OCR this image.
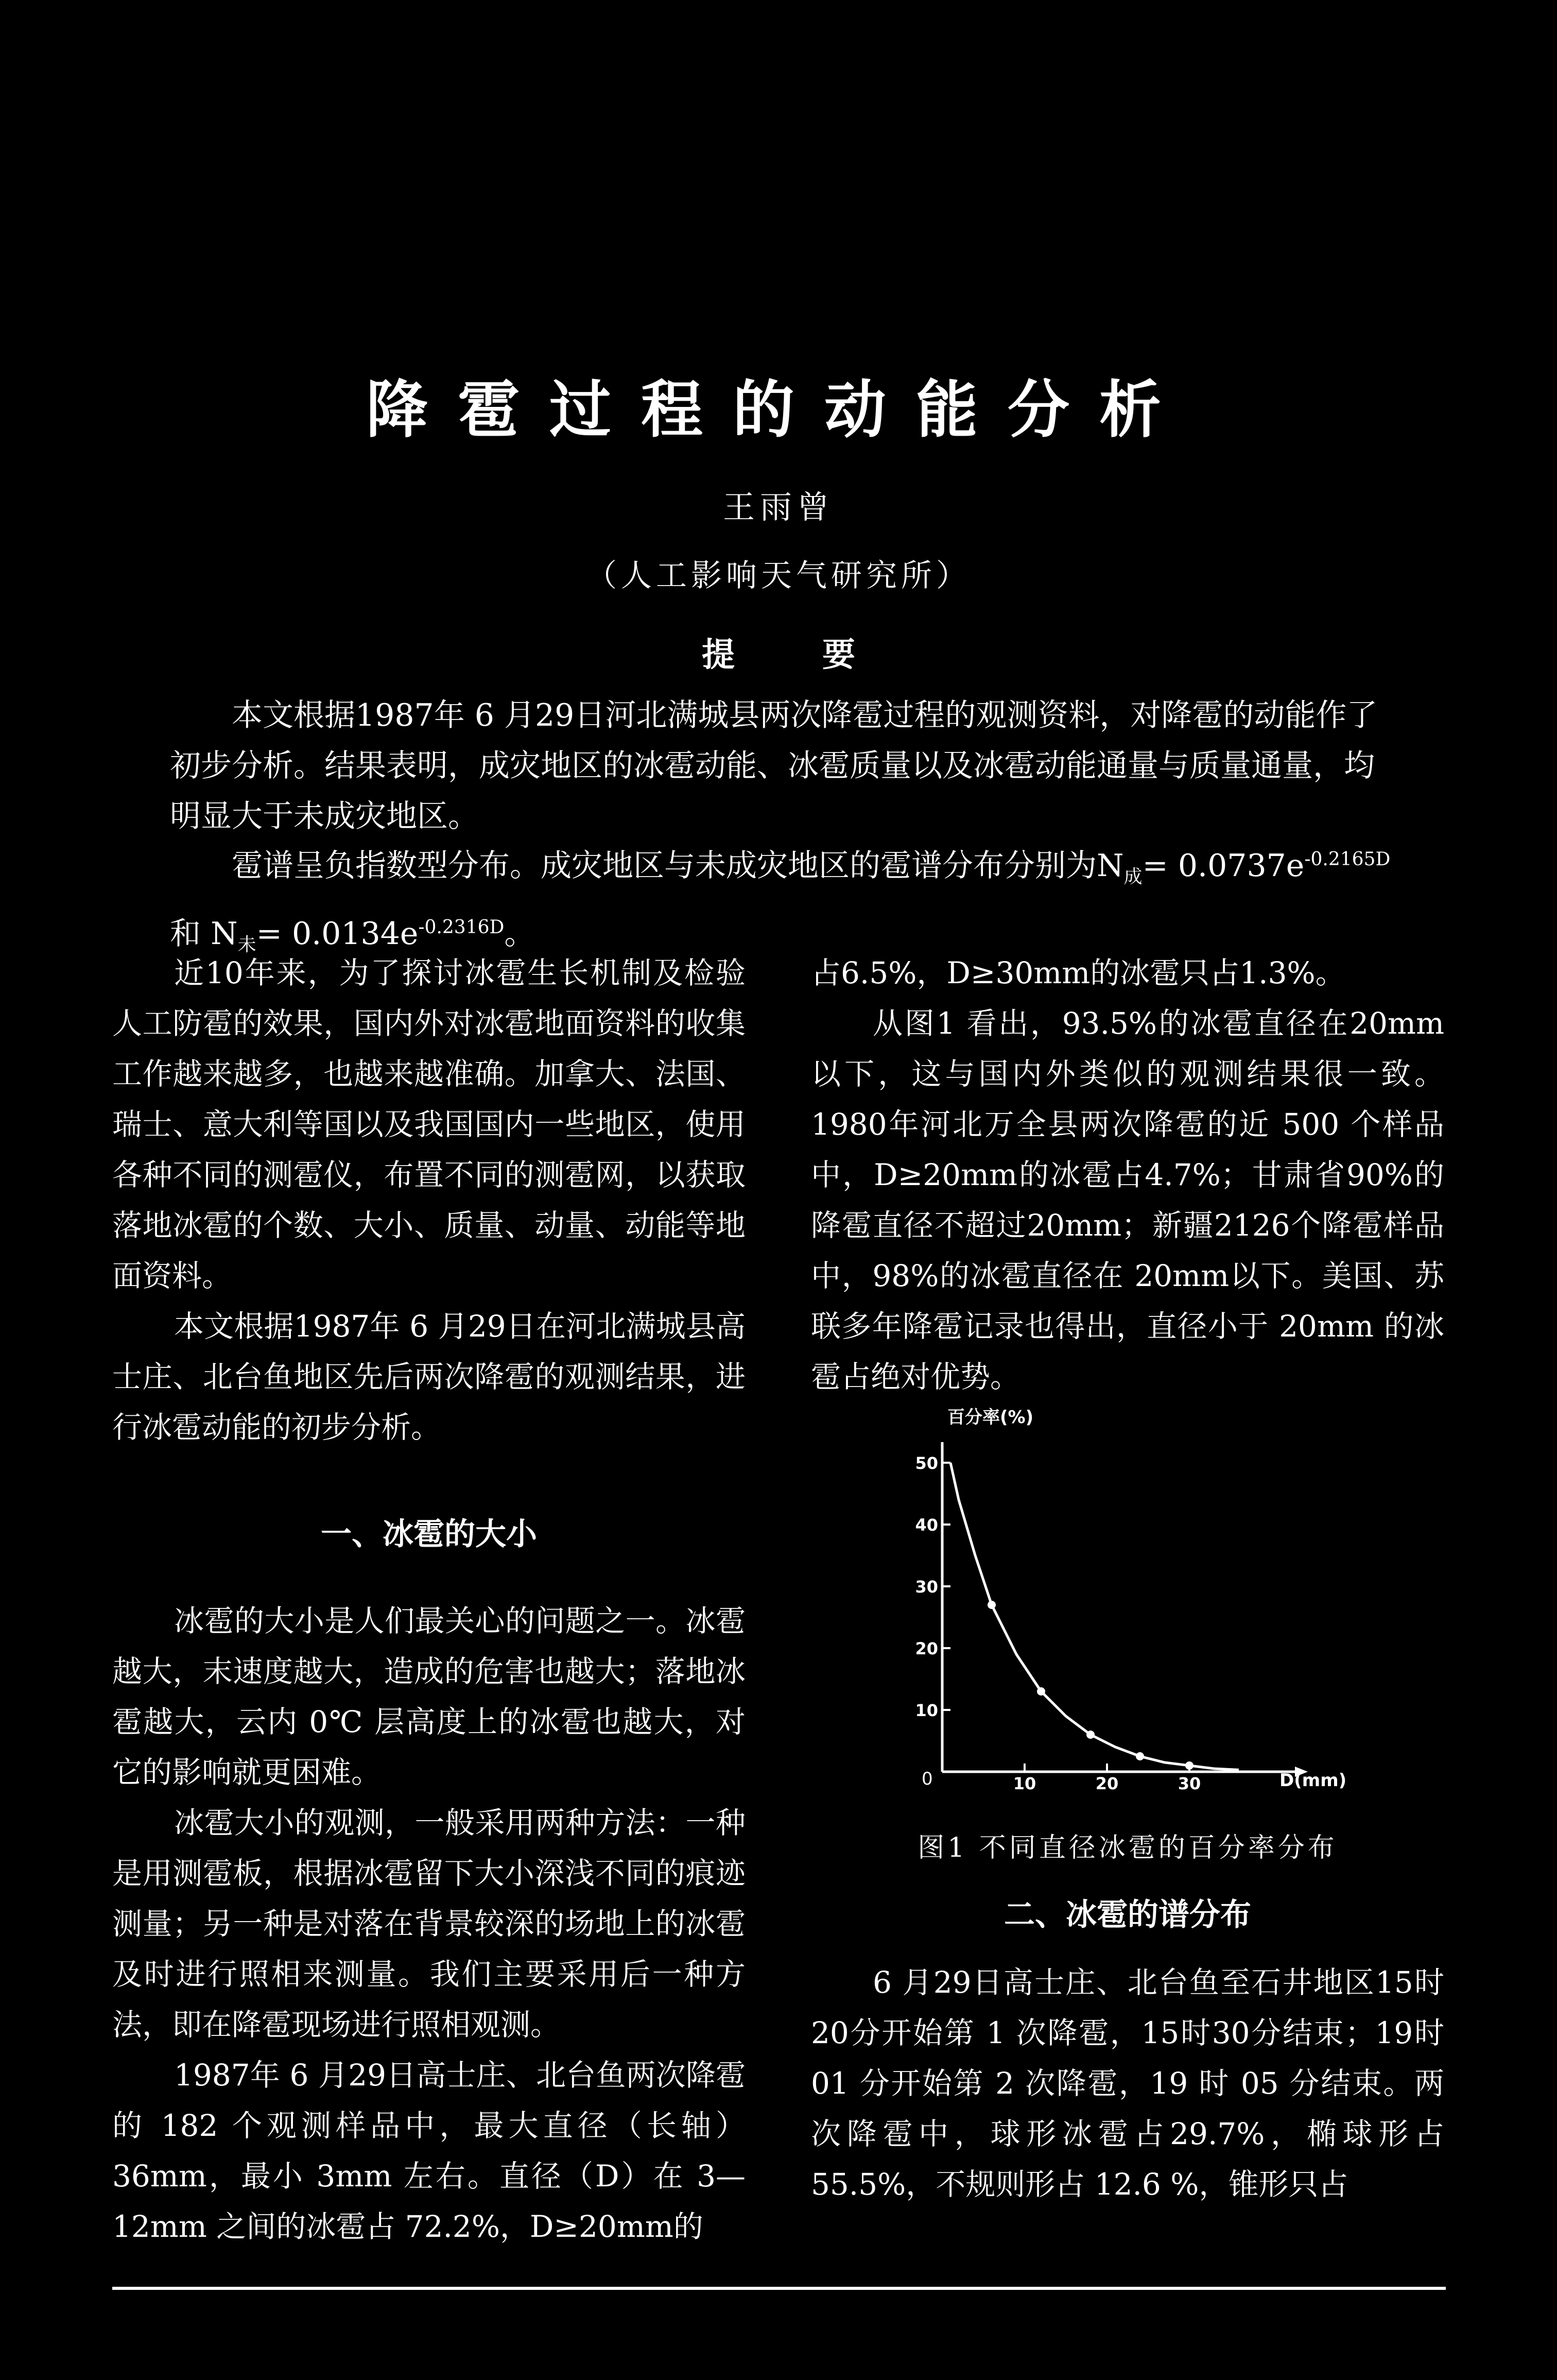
降雹过程的动能分析
王雨曾
（人工影响天气研究所）
提	要
本文根据1987年 6 月29日河北满城县两次降雹过程的观测资料，对降雹的动能作了初步分析。结果表明，成灾地区的冰雹动能、冰雹质量以及冰雹动能通量与质量通量，均明显大于未成灾地区。
雹谱呈负指数型分布。成灾地区与未成灾地区的雹谱分布分别为$N_成= 0.0737e^{-0.2165D}$ 和 $N_未= 0.0134e^{-0.2316D}$。

近10年来，为了探讨冰雹生长机制及检验人工防雹的效果，国内外对冰雹地面资料的收集工作越来越多，也越来越准确。加拿大、法国、瑞士、意大利等国以及我国国内一些地区，使用各种不同的测雹仪，布置不同的测雹网，以获取落地冰雹的个数、大小、质量、动量、动能等地面资料。

本文根据1987年 6 月29日在河北满城县高士庄、北台鱼地区先后两次降雹的观测结果，进行冰雹动能的初步分析。

一、冰雹的大小

冰雹的大小是人们最关心的问题之一。冰雹越大，末速度越大，造成的危害也越大；落地冰雹越大，云内 0℃ 层高度上的冰雹也越大，对它的影响就更困难。

冰雹大小的观测，一般采用两种方法：一种是用测雹板，根据冰雹留下大小深浅不同的痕迹测量；另一种是对落在背景较深的场地上的冰雹及时进行照相来测量。我们主要采用后一种方法，即在降雹现场进行照相观测。

1987年 6 月29日高士庄、北台鱼两次降雹的 182 个观测样品中，最大直径（长轴）36mm，最小 3mm 左右。直径（D）在 3—12mm 之间的冰雹占 72.2%，D≥20mm的

占6.5%，D≥30mm的冰雹只占1.3%。

从图1 看出，93.5%的冰雹直径在20mm以下，这与国内外类似的观测结果很一致。1980年河北万全县两次降雹的近 500 个样品中，D≥20mm的冰雹占4.7%；甘肃省90%的降雹直径不超过20mm；新疆2126个降雹样品中，98%的冰雹直径在 20mm以下。美国、苏联多年降雹记录也得出，直径小于 20mm 的冰雹占绝对优势。

10
20
30
40
50
10	20	30
百分率(%)
D(mm)
0
图1 不同直径冰雹的百分率分布
二、冰雹的谱分布

6 月29日高士庄、北台鱼至石井地区15时20分开始第 1 次降雹，15时30分结束；19时01 分开始第 2 次降雹，19 时 05 分结束。两次降雹中，球形冰雹占29.7%，椭球形占55.5%，不规则形占 12.6 %，锥形只占
